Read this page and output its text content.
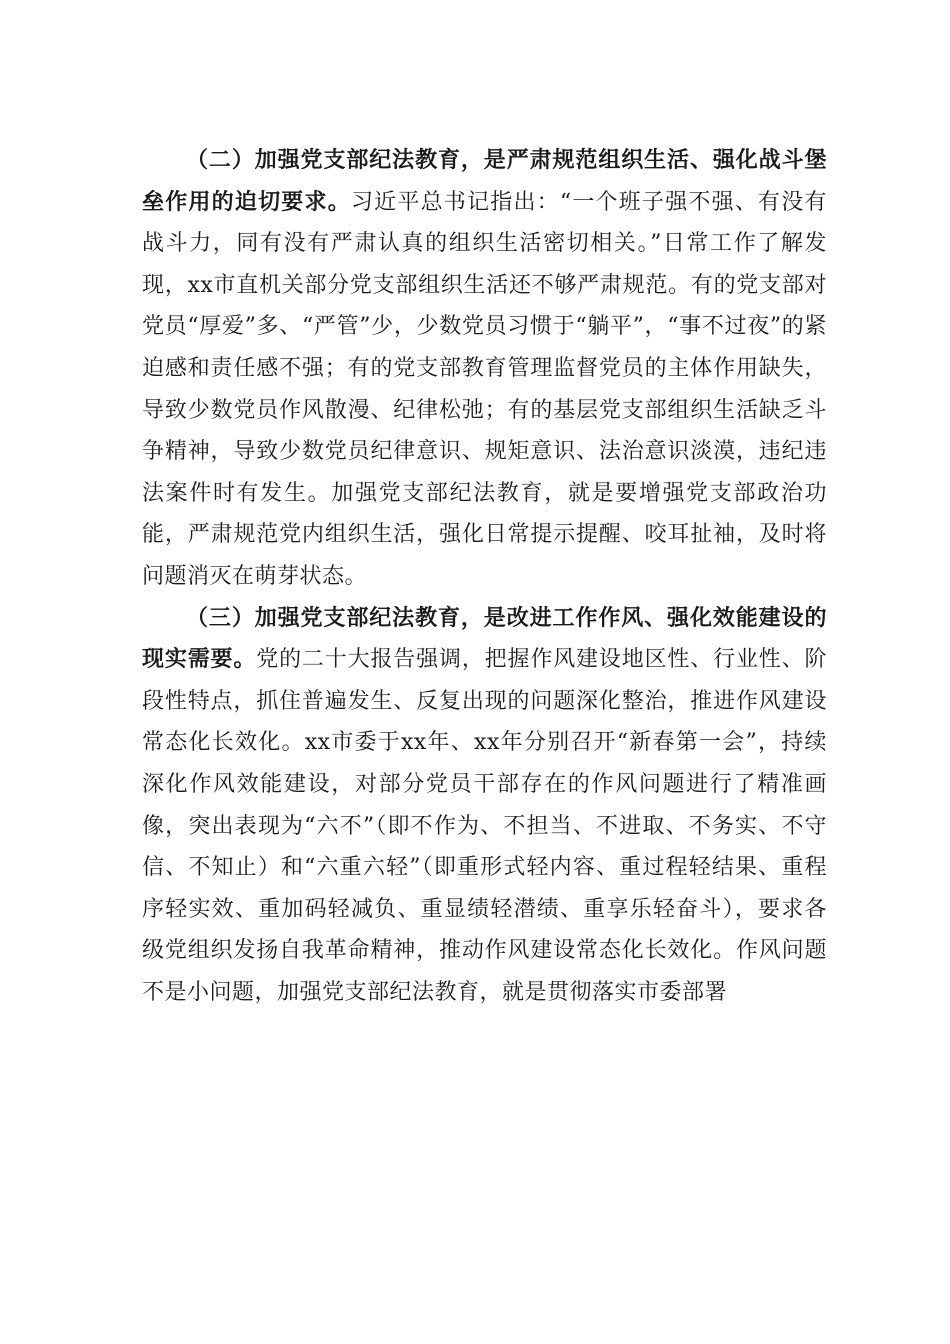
（二）加强党支部纪法教育，是严肃规范组织生活、强化战斗堡垒作用的迫切要求。习近平总书记指出：“一个班子强不强、有没有战斗力，同有没有严肃认真的组织生活密切相关。”日常工作了解发现，xx市直机关部分党支部组织生活还不够严肃规范。有的党支部对党员“厚爱”多、“严管”少，少数党员习惯于“躺平”，“事不过夜”的紧迫感和责任感不强；有的党支部教育管理监督党员的主体作用缺失，导致少数党员作风散漫、纪律松弛；有的基层党支部组织生活缺乏斗争精神，导致少数党员纪律意识、规矩意识、法治意识淡漠，违纪违法案件时有发生。加强党支部纪法教育，就是要增强党支部政治功能，严肃规范党内组织生活，强化日常提示提醒、咬耳扯袖，及时将问题消灭在萌芽状态。

（三）加强党支部纪法教育，是改进工作作风、强化效能建设的现实需要。党的二十大报告强调，把握作风建设地区性、行业性、阶段性特点，抓住普遍发生、反复出现的问题深化整治，推进作风建设常态化长效化。xx市委于xx年、xx年分别召开“新春第一会”，持续深化作风效能建设，对部分党员干部存在的作风问题进行了精准画像，突出表现为“六不”（即不作为、不担当、不进取、不务实、不守信、不知止）和“六重六轻”（即重形式轻内容、重过程轻结果、重程序轻实效、重加码轻减负、重显绩轻潜绩、重享乐轻奋斗），要求各级党组织发扬自我革命精神，推动作风建设常态化长效化。作风问题不是小问题，加强党支部纪法教育，就是贯彻落实市委部署
